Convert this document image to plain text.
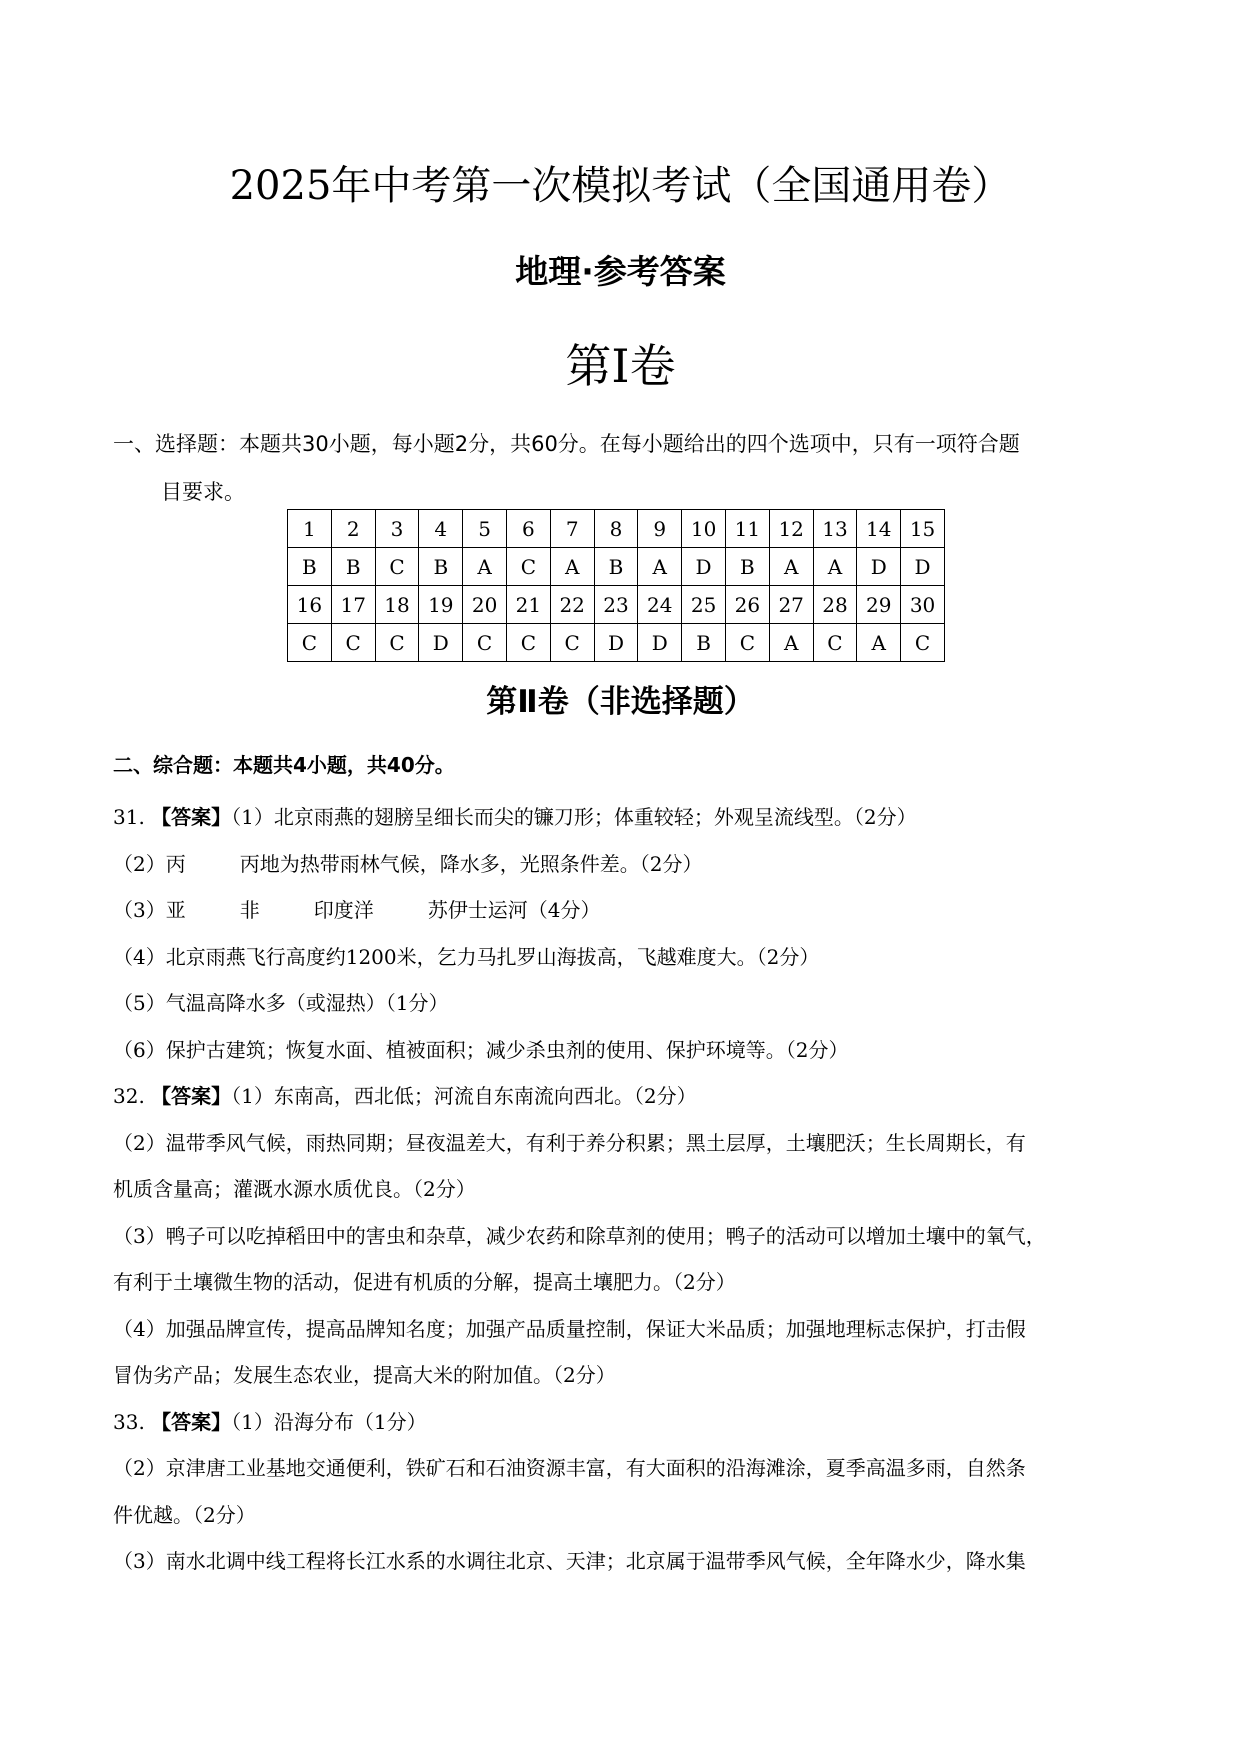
2025年中考第一次模拟考试（全国通用卷）
地理·参考答案
第Ⅰ卷
一、选择题：本题共30小题，每小题2分，共60分。在每小题给出的四个选项中，只有一项符合题
目要求。
1	2	3	4	5	6	7	8	9	10	11	12	13	14	15
B	B	C	B	A	C	A	B	A	D	B	A	A	D	D
16	17	18	19	20	21	22	23	24	25	26	27	28	29	30
C	C	C	D	C	C	C	D	D	B	C	A	C	A	C
第Ⅱ卷（非选择题）
二、综合题：本题共4小题，共40分。
31. 【答案】（1）北京雨燕的翅膀呈细长而尖的镰刀形；体重较轻；外观呈流线型。（2分）
（2）丙	丙地为热带雨林气候，降水多，光照条件差。（2分）
（3）亚	非	印度洋	苏伊士运河（4分）
（4）北京雨燕飞行高度约1200米，乞力马扎罗山海拔高，飞越难度大。（2分）
（5）气温高降水多（或湿热）（1分）
（6）保护古建筑；恢复水面、植被面积；减少杀虫剂的使用、保护环境等。（2分）
32. 【答案】（1）东南高，西北低；河流自东南流向西北。（2分）
（2）温带季风气候，雨热同期；昼夜温差大，有利于养分积累；黑土层厚，土壤肥沃；生长周期长，有
机质含量高；灌溉水源水质优良。（2分）
（3）鸭子可以吃掉稻田中的害虫和杂草，减少农药和除草剂的使用；鸭子的活动可以增加土壤中的氧气，
有利于土壤微生物的活动，促进有机质的分解，提高土壤肥力。（2分）
（4）加强品牌宣传，提高品牌知名度；加强产品质量控制，保证大米品质；加强地理标志保护，打击假
冒伪劣产品；发展生态农业，提高大米的附加值。（2分）
33. 【答案】（1）沿海分布（1分）
（2）京津唐工业基地交通便利，铁矿石和石油资源丰富，有大面积的沿海滩涂，夏季高温多雨，自然条
件优越。（2分）
（3）南水北调中线工程将长江水系的水调往北京、天津；北京属于温带季风气候，全年降水少，降水集
